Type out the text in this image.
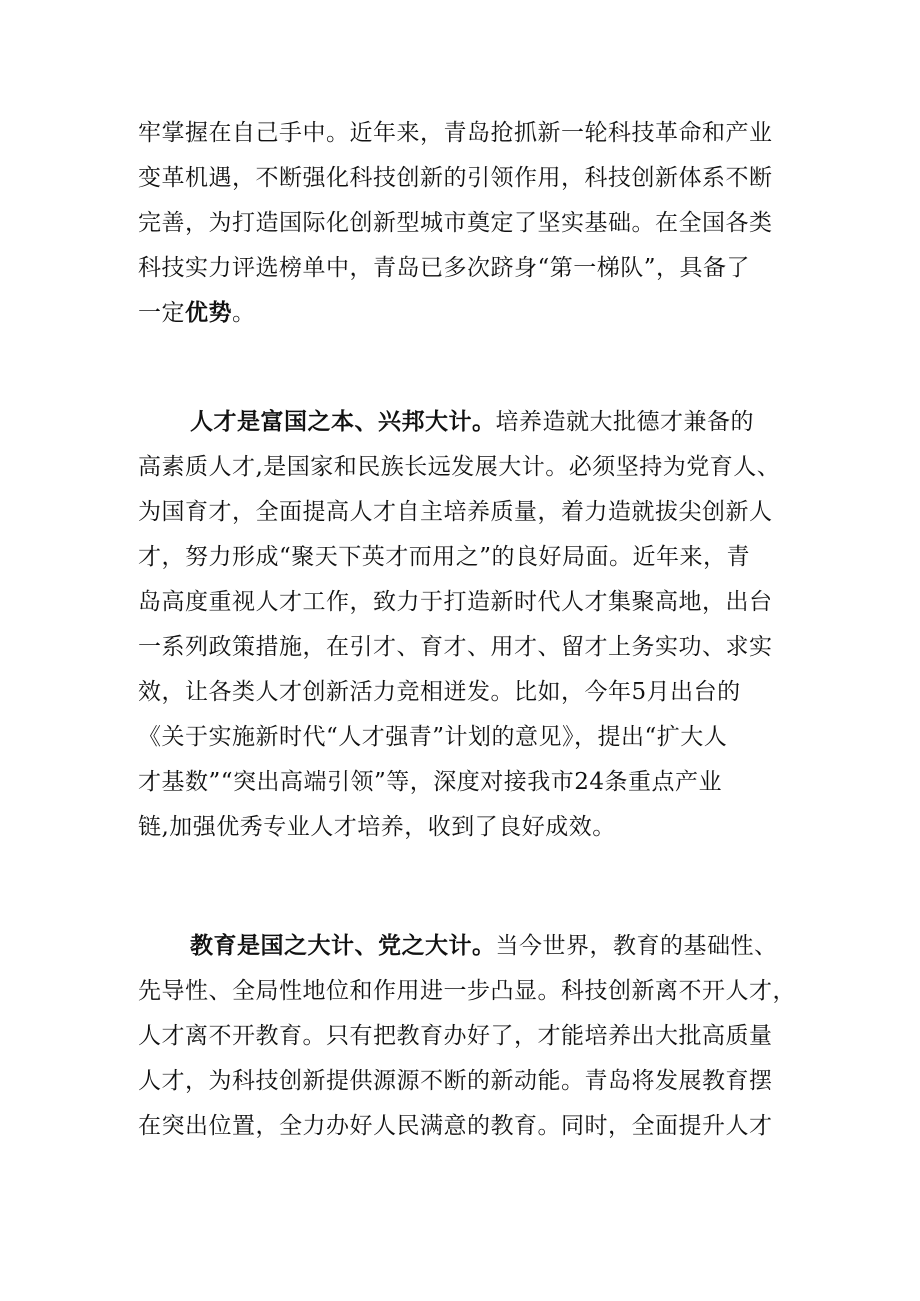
牢掌握在自己手中。近年来，青岛抢抓新一轮科技革命和产业
变革机遇，不断强化科技创新的引领作用，科技创新体系不断
完善，为打造国际化创新型城市奠定了坚实基础。在全国各类
科技实力评选榜单中，青岛已多次跻身“第一梯队”，具备了
一定优势。
人才是富国之本、兴邦大计。培养造就大批德才兼备的
高素质人才,是国家和民族长远发展大计。必须坚持为党育人、
为国育才，全面提高人才自主培养质量，着力造就拔尖创新人
才，努力形成“聚天下英才而用之”的良好局面。近年来，青
岛高度重视人才工作，致力于打造新时代人才集聚高地，出台
一系列政策措施，在引才、育才、用才、留才上务实功、求实
效，让各类人才创新活力竞相迸发。比如，今年5月出台的
《关于实施新时代“人才强青”计划的意见》，提出“扩大人
才基数”“突出高端引领”等，深度对接我市24条重点产业
链,加强优秀专业人才培养，收到了良好成效。
教育是国之大计、党之大计。当今世界，教育的基础性、
先导性、全局性地位和作用进一步凸显。科技创新离不开人才，
人才离不开教育。只有把教育办好了，才能培养出大批高质量
人才，为科技创新提供源源不断的新动能。青岛将发展教育摆
在突出位置，全力办好人民满意的教育。同时，全面提升人才
